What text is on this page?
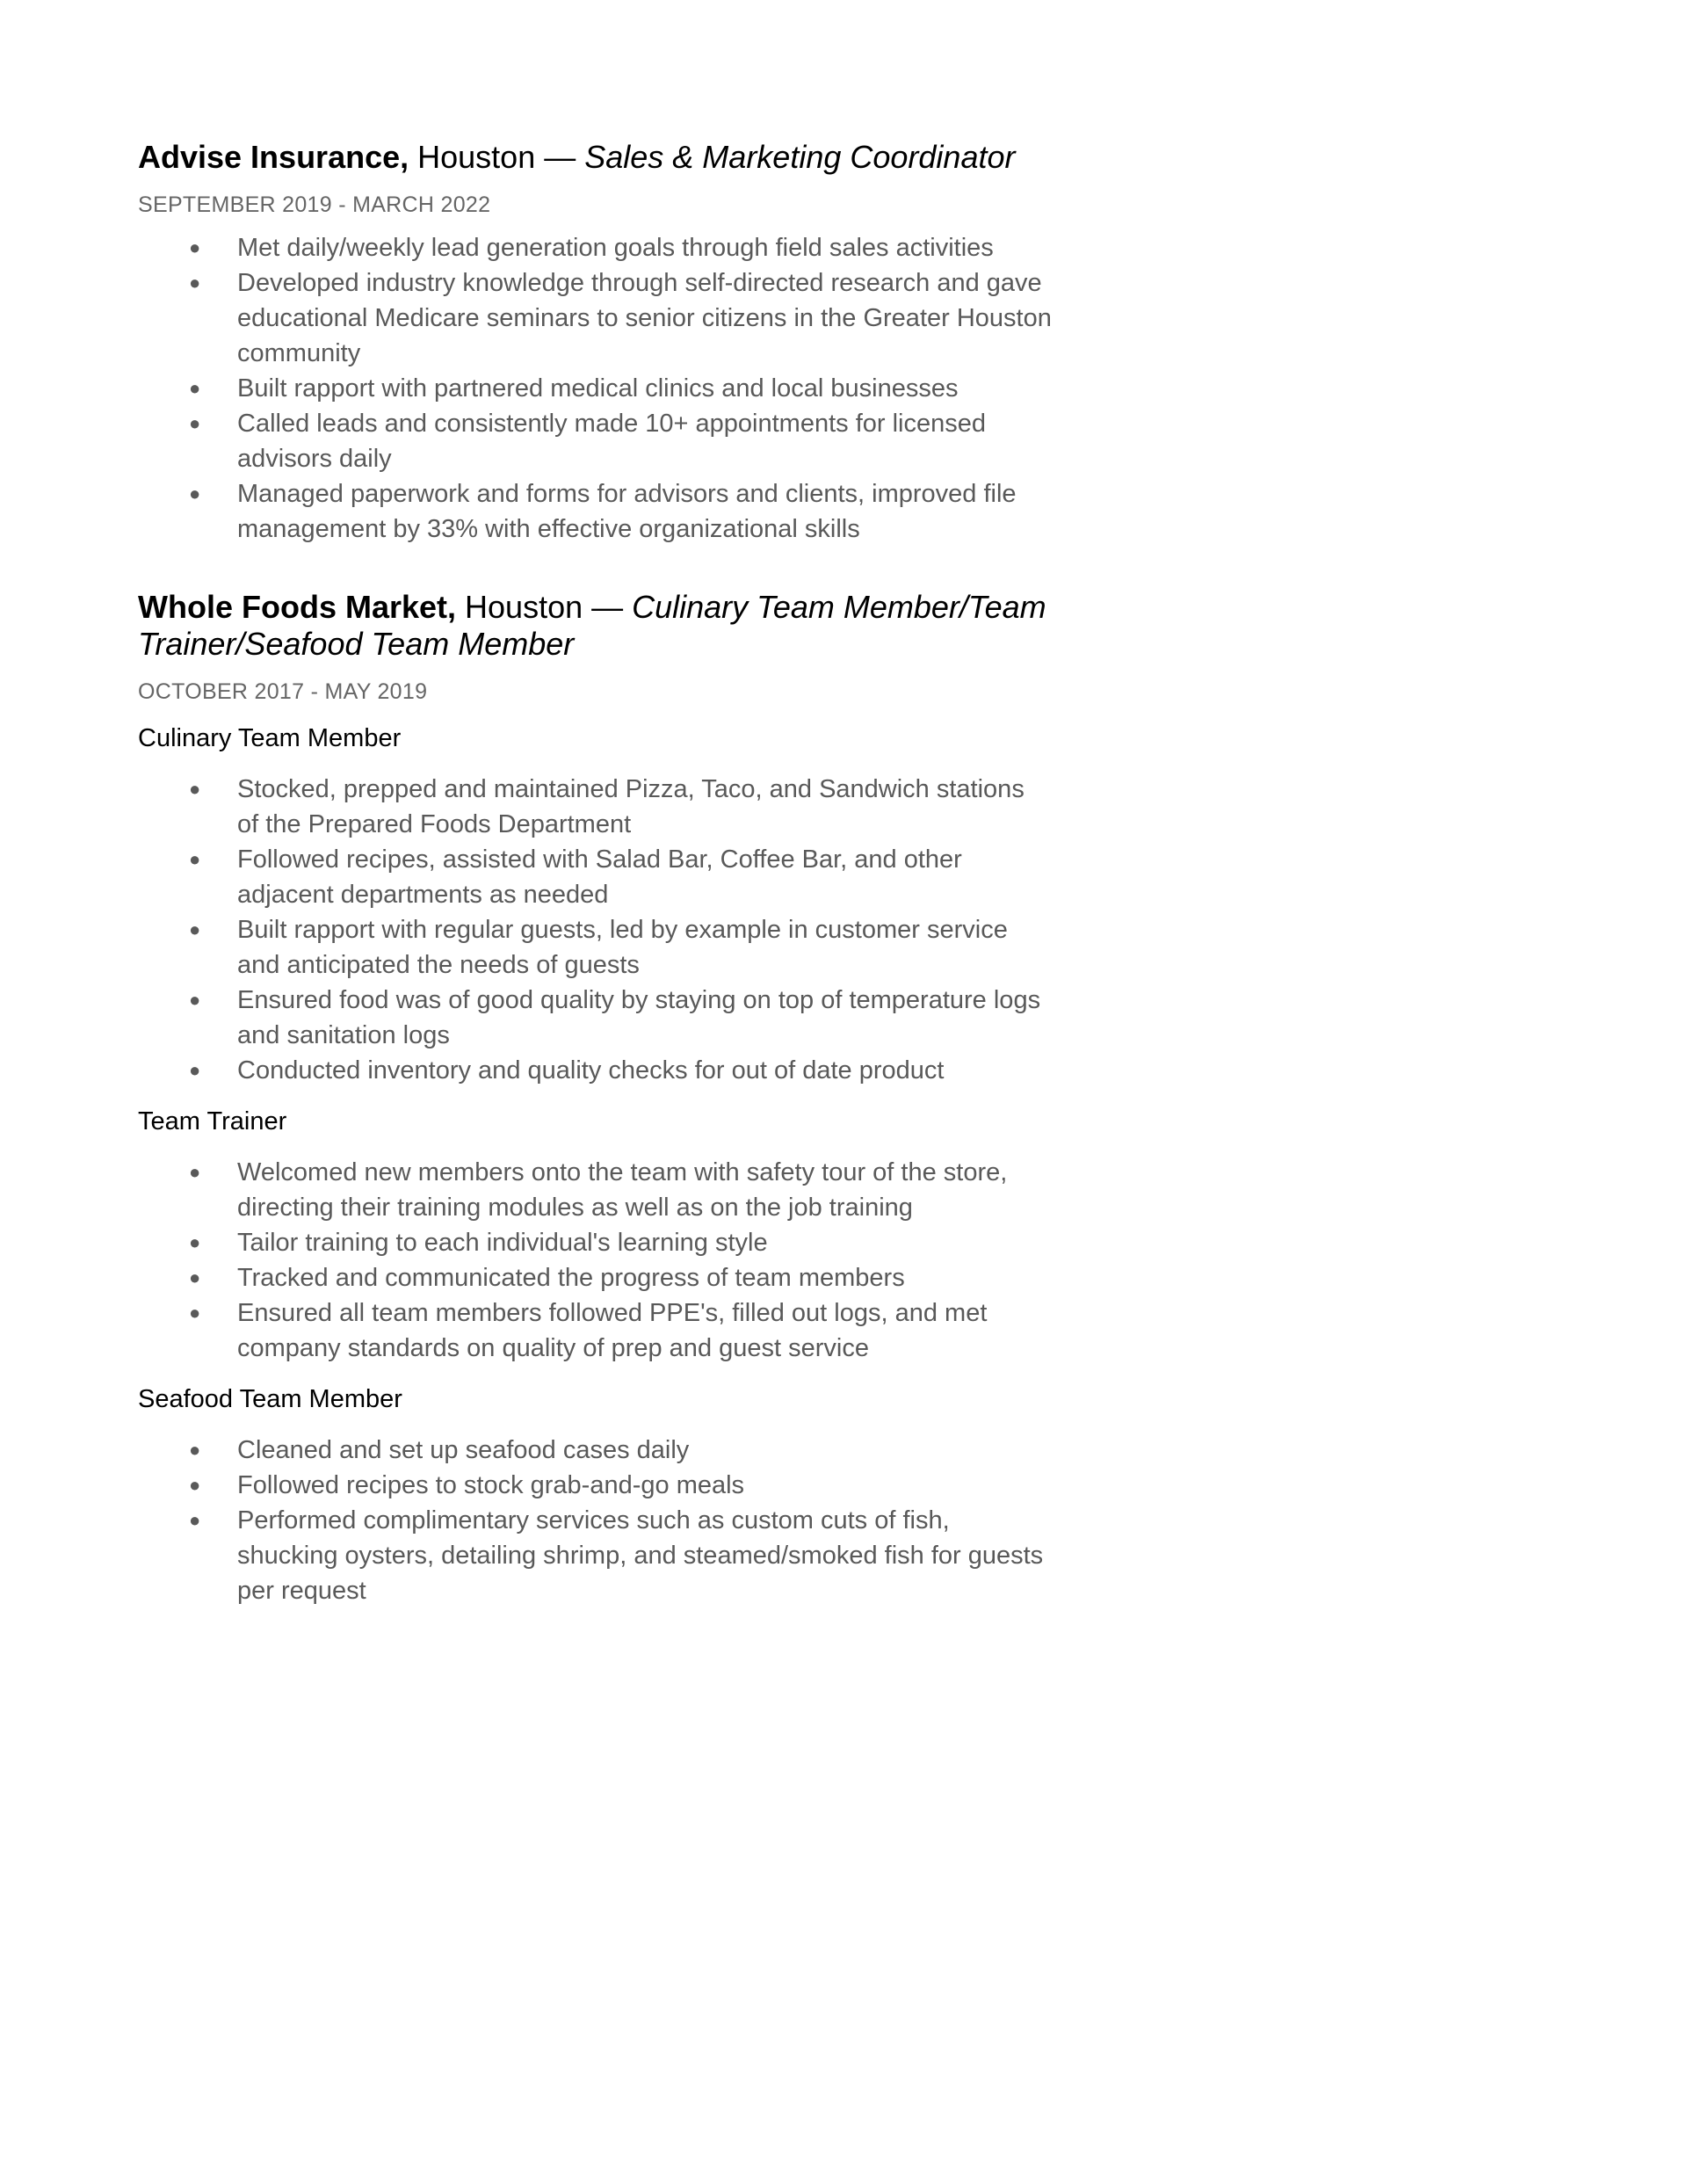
Advise Insurance, Houston — Sales & Marketing Coordinator
SEPTEMBER 2019 - MARCH 2022
● Met daily/weekly lead generation goals through field sales activities
● Developed industry knowledge through self-directed research and gave educational Medicare seminars to senior citizens in the Greater Houston community
● Built rapport with partnered medical clinics and local businesses
● Called leads and consistently made 10+ appointments for licensed advisors daily
● Managed paperwork and forms for advisors and clients, improved file management by 33% with effective organizational skills
Whole Foods Market, Houston — Culinary Team Member/Team Trainer/Seafood Team Member
OCTOBER 2017 - MAY 2019
Culinary Team Member
● Stocked, prepped and maintained Pizza, Taco, and Sandwich stations of the Prepared Foods Department
● Followed recipes, assisted with Salad Bar, Coffee Bar, and other adjacent departments as needed
● Built rapport with regular guests, led by example in customer service and anticipated the needs of guests
● Ensured food was of good quality by staying on top of temperature logs and sanitation logs
● Conducted inventory and quality checks for out of date product
Team Trainer
● Welcomed new members onto the team with safety tour of the store, directing their training modules as well as on the job training
● Tailor training to each individual's learning style
● Tracked and communicated the progress of team members
● Ensured all team members followed PPE's, filled out logs, and met company standards on quality of prep and guest service
Seafood Team Member
● Cleaned and set up seafood cases daily
● Followed recipes to stock grab-and-go meals
● Performed complimentary services such as custom cuts of fish, shucking oysters, detailing shrimp, and steamed/smoked fish for guests per request
